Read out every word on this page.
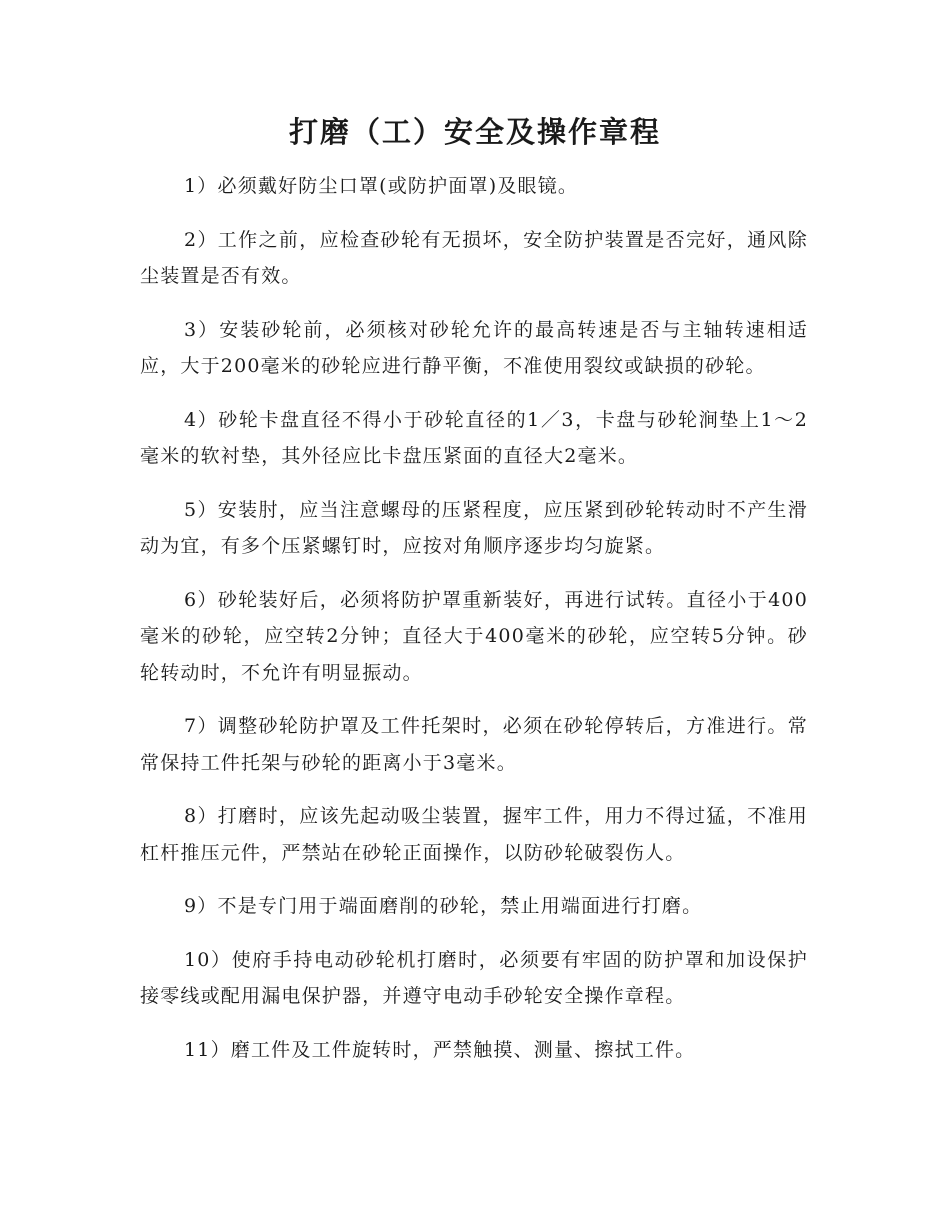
打磨（工）安全及操作章程

1）必须戴好防尘口罩(或防护面罩)及眼镜。

2）工作之前，应检查砂轮有无损坏，安全防护装置是否完好，通风除尘装置是否有效。

3）安装砂轮前，必须核对砂轮允许的最高转速是否与主轴转速相适应，大于200毫米的砂轮应进行静平衡，不准使用裂纹或缺损的砂轮。

4）砂轮卡盘直径不得小于砂轮直径的1／3，卡盘与砂轮涧垫上1～2毫米的软衬垫，其外径应比卡盘压紧面的直径大2毫米。

5）安装肘，应当注意螺母的压紧程度，应压紧到砂轮转动时不产生滑动为宜，有多个压紧螺钉时，应按对角顺序逐步均匀旋紧。

6）砂轮装好后，必须将防护罩重新装好，再进行试转。直径小于400毫米的砂轮，应空转2分钟；直径大于400毫米的砂轮，应空转5分钟。砂轮转动时，不允许有明显振动。

7）调整砂轮防护罩及工件托架时，必须在砂轮停转后，方准进行。常常保持工件托架与砂轮的距离小于3毫米。

8）打磨时，应该先起动吸尘装置，握牢工件，用力不得过猛，不准用杠杆推压元件，严禁站在砂轮正面操作，以防砂轮破裂伤人。

9）不是专门用于端面磨削的砂轮，禁止用端面进行打磨。

10）使府手持电动砂轮机打磨时，必须要有牢固的防护罩和加设保护接零线或配用漏电保护器，并遵守电动手砂轮安全操作章程。

11）磨工件及工件旋转时，严禁触摸、测量、擦拭工件。
